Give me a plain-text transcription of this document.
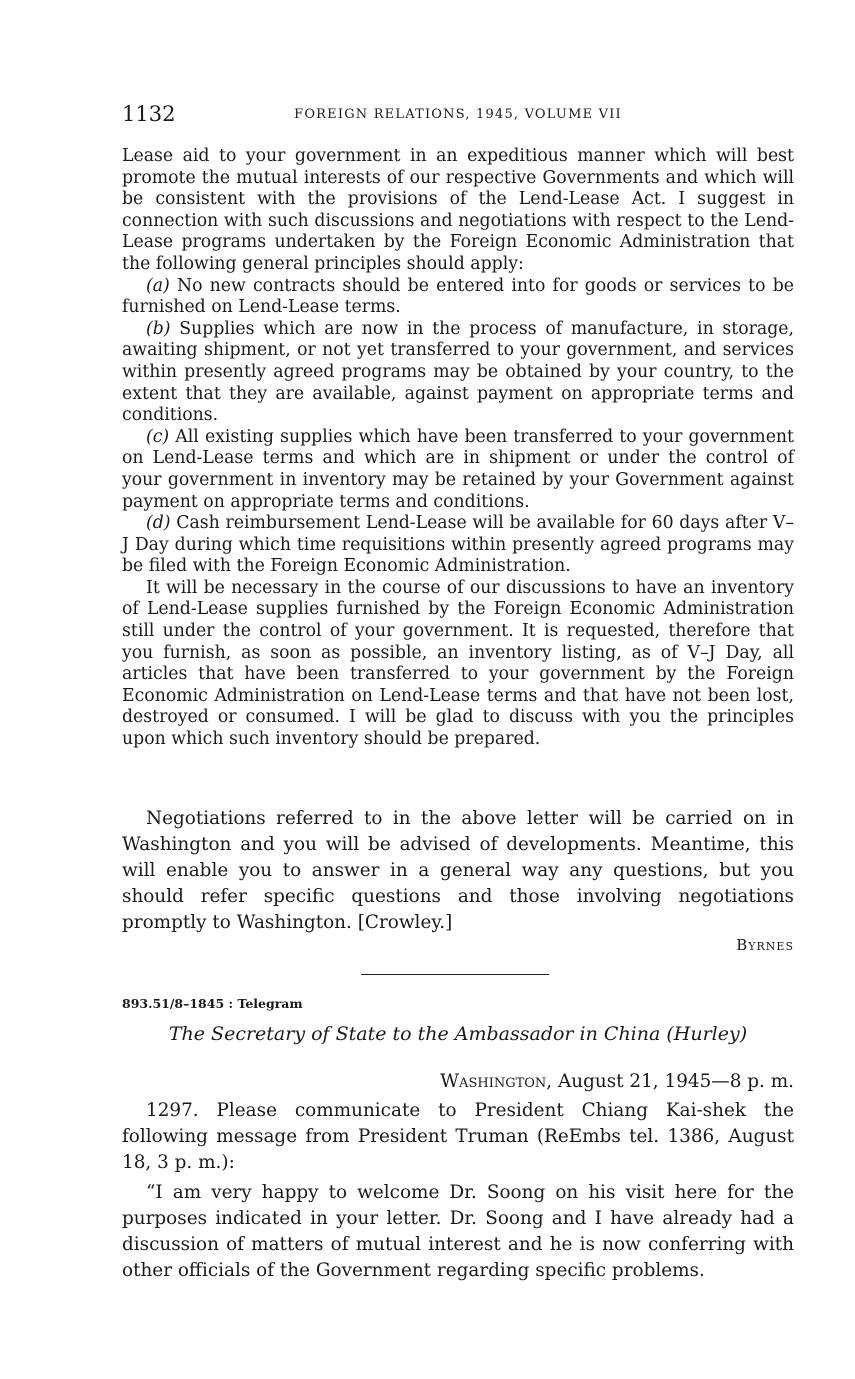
1132	FOREIGN RELATIONS, 1945, VOLUME VII

Lease aid to your government in an expeditious manner which will best promote the mutual interests of our respective Governments and which will be consistent with the provisions of the Lend-Lease Act. I suggest in connection with such discussions and negotiations with respect to the Lend-Lease programs undertaken by the Foreign Economic Administration that the following general principles should apply:

(a) No new contracts should be entered into for goods or services to be furnished on Lend-Lease terms.

(b) Supplies which are now in the process of manufacture, in storage, awaiting shipment, or not yet transferred to your government, and services within presently agreed programs may be obtained by your country, to the extent that they are available, against payment on appropriate terms and conditions.

(c) All existing supplies which have been transferred to your government on Lend-Lease terms and which are in shipment or under the control of your government in inventory may be retained by your Government against payment on appropriate terms and conditions.

(d) Cash reimbursement Lend-Lease will be available for 60 days after V–J Day during which time requisitions within presently agreed programs may be filed with the Foreign Economic Administration.

It will be necessary in the course of our discussions to have an inventory of Lend-Lease supplies furnished by the Foreign Economic Administration still under the control of your government. It is requested, therefore that you furnish, as soon as possible, an inventory listing, as of V–J Day, all articles that have been transferred to your government by the Foreign Economic Administration on Lend-Lease terms and that have not been lost, destroyed or consumed. I will be glad to discuss with you the principles upon which such inventory should be prepared.

Negotiations referred to in the above letter will be carried on in Washington and you will be advised of developments. Meantime, this will enable you to answer in a general way any questions, but you should refer specific questions and those involving negotiations promptly to Washington. [Crowley.]

Byrnes
893.51/8–1845 : Telegram
The Secretary of State to the Ambassador in China (Hurley)
Washington, August 21, 1945—8 p. m.

1297. Please communicate to President Chiang Kai-shek the following message from President Truman (ReEmbs tel. 1386, August 18, 3 p. m.):

“I am very happy to welcome Dr. Soong on his visit here for the purposes indicated in your letter. Dr. Soong and I have already had a discussion of matters of mutual interest and he is now conferring with other officials of the Government regarding specific problems.
